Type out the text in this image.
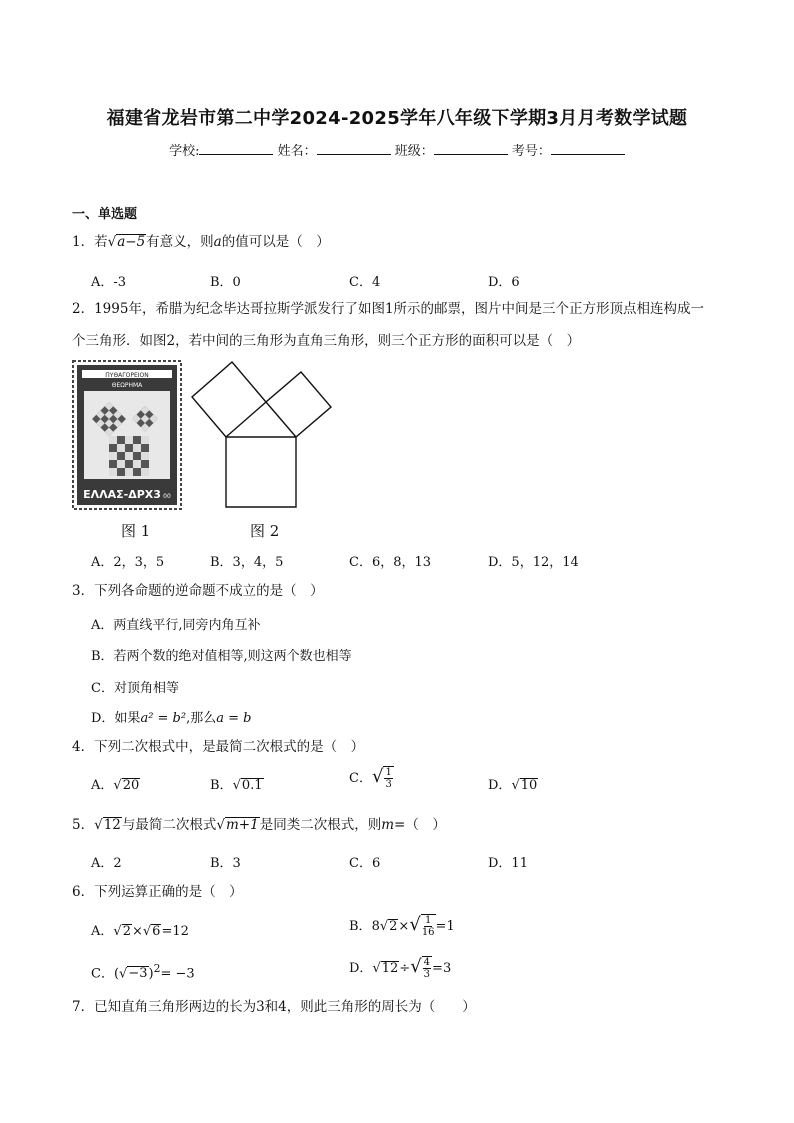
福建省龙岩市第二中学2024-2025学年八年级下学期3月月考数学试题
学校:	姓名：	班级：	考号：
一、单选题
1．若√a−5有意义，则a的值可以是（　）
A．-3	B．0	C．4	D．6
2．1995年，希腊为纪念毕达哥拉斯学派发行了如图1所示的邮票，图片中间是三个正方形顶点相连构成一
个三角形．如图2，若中间的三角形为直角三角形，则三个正方形的面积可以是（　）
ΠΥΘΑΓΟΡΕΙΟΝ
ΘΕΩΡΗΜΑ
ΕΛΛΑΣ-ΔΡΧ3 00
图 1	图 2
A．2，3，5	B．3，4，5	C．6，8，13	D．5，12，14
3．下列各命题的逆命题不成立的是（　）
A．两直线平行,同旁内角互补
B．若两个数的绝对值相等,则这两个数也相等
C．对顶角相等
D．如果a² = b²,那么a = b
4．下列二次根式中，是最简二次根式的是（　）
A．√20	B．√0.1	C．√ $\frac{1}{3}$	D．√10
5．√12与最简二次根式√m+1是同类二次根式，则m=（　）
A．2	B．3	C．6	D．11
6．下列运算正确的是（　）
A．√2×√6=12	B．$8√2\times√ \frac{1}{16} =1$
C．$(√-3)^2= -3$	D．$√12\div√ \frac{4}{3} =3$
7．已知直角三角形两边的长为3和4，则此三角形的周长为（　　）
